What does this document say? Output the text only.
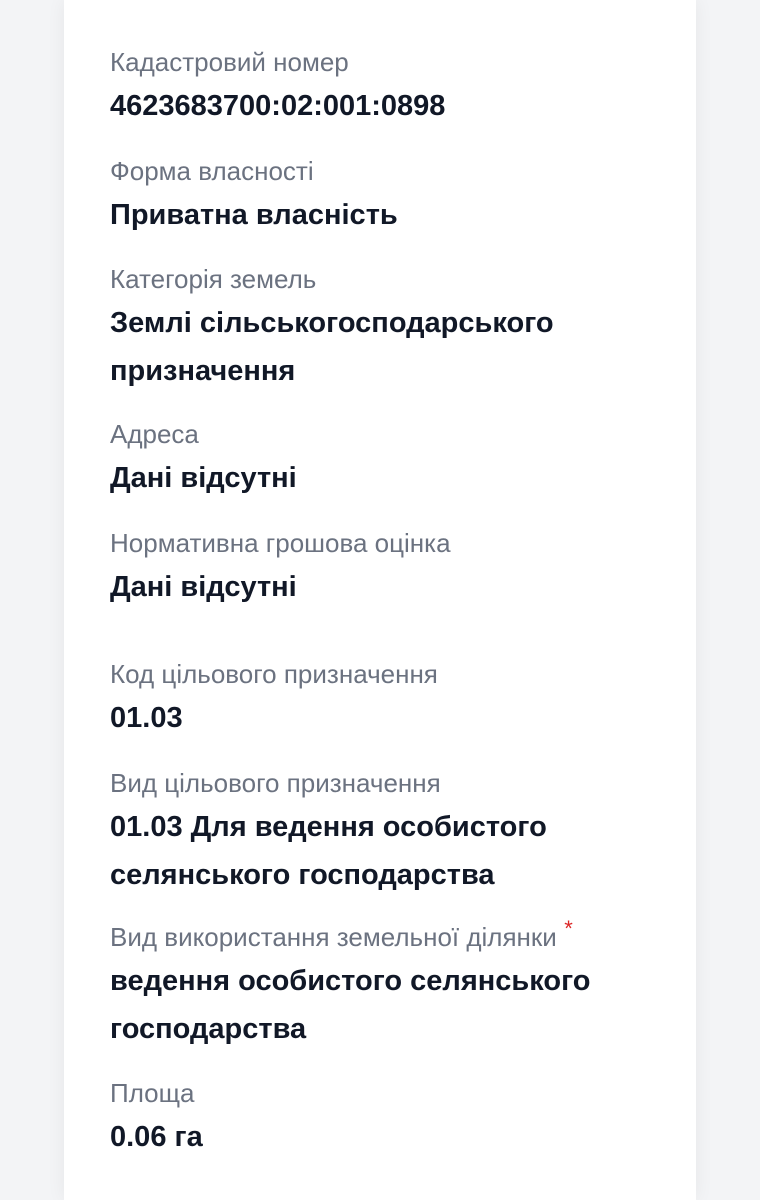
Кадастровий номер
4623683700:02:001:0898
Форма власності
Приватна власність
Категорія земель
Землі сільськогосподарського призначення
Адреса
Дані відсутні
Нормативна грошова оцінка
Дані відсутні
Код цільового призначення
01.03
Вид цільового призначення
01.03 Для ведення особистого селянського господарства
Вид використання земельної ділянки *
ведення особистого селянського господарства
Площа
0.06 га
